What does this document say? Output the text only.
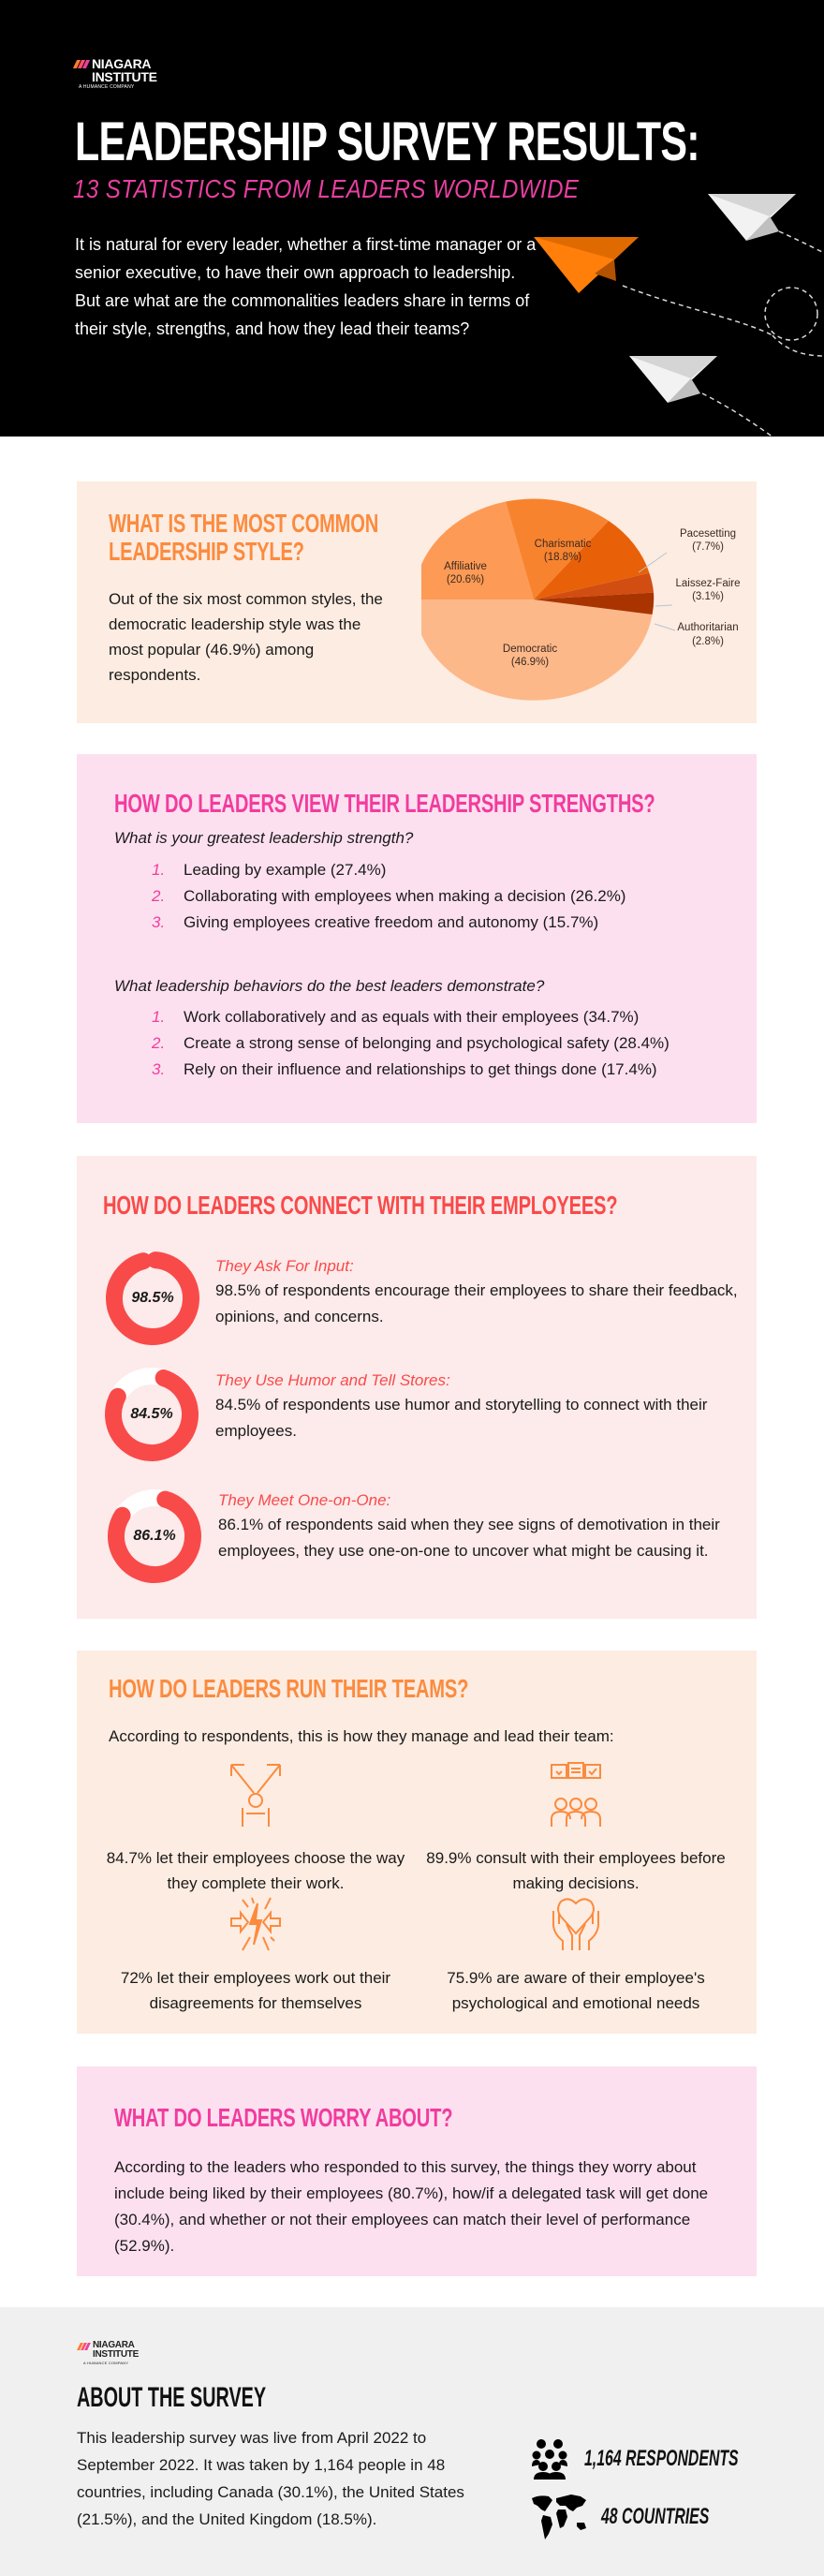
NIAGARA
INSTITUTE
A HUMANCE COMPANY
LEADERSHIP SURVEY RESULTS:
13 STATISTICS FROM LEADERS WORLDWIDE

It is natural for every leader, whether a first-time manager or a senior executive, to have their own approach to leadership. But are what are the commonalities leaders share in terms of their style, strengths, and how they lead their teams?

WHAT IS THE MOST COMMON LEADERSHIP STYLE?

Out of the six most common styles, the democratic leadership style was the most popular (46.9%) among respondents.

Charismatic
(18.8%)
Affiliative
(20.6%)
Democratic
(46.9%)
Pacesetting
(7.7%)
Laissez-Faire
(3.1%)
Authoritarian
(2.8%)
HOW DO LEADERS VIEW THEIR LEADERSHIP STRENGTHS?
What is your greatest leadership strength?
1.	Leading by example (27.4%)
2.	Collaborating with employees when making a decision (26.2%)
3.	Giving employees creative freedom and autonomy (15.7%)
What leadership behaviors do the best leaders demonstrate?
1.	Work collaboratively and as equals with their employees (34.7%)
2.	Create a strong sense of belonging and psychological safety (28.4%)
3.	Rely on their influence and relationships to get things done (17.4%)
HOW DO LEADERS CONNECT WITH THEIR EMPLOYEES?
98.5%
They Ask For Input:
98.5% of respondents encourage their employees to share their feedback, opinions, and concerns.
84.5%
They Use Humor and Tell Stores:
84.5% of respondents use humor and storytelling to connect with their employees.
86.1%
They Meet One-on-One:
86.1% of respondents said when they see signs of demotivation in their employees, they use one-on-one to uncover what might be causing it.
HOW DO LEADERS RUN THEIR TEAMS?
According to respondents, this is how they manage and lead their team:
84.7% let their employees choose the way they complete their work.
89.9% consult with their employees before making decisions.
72% let their employees work out their disagreements for themselves
75.9% are aware of their employee's psychological and emotional needs
WHAT DO LEADERS WORRY ABOUT?

According to the leaders who responded to this survey, the things they worry about include being liked by their employees (80.7%), how/if a delegated task will get done (30.4%), and whether or not their employees can match their level of performance (52.9%).

NIAGARA
INSTITUTE
A HUMANCE COMPANY
ABOUT THE SURVEY

This leadership survey was live from April 2022 to September 2022. It was taken by 1,164 people in 48 countries, including Canada (30.1%), the United States (21.5%), and the United Kingdom (18.5%).

1,164 RESPONDENTS
48 COUNTRIES
